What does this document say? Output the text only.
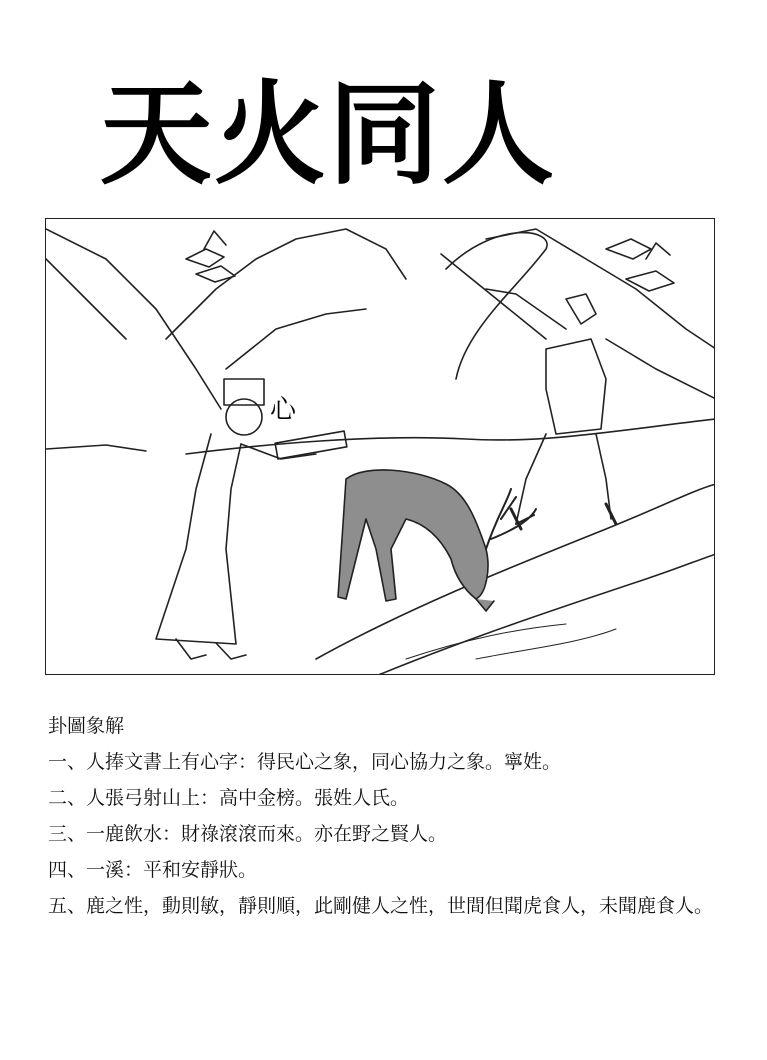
天火同人
心
卦圖象解
一、人捧文書上有心字：得民心之象，同心協力之象。寧姓。
二、人張弓射山上：高中金榜。張姓人氏。
三、一鹿飲水：財祿滾滾而來。亦在野之賢人。
四、一溪：平和安靜狀。
五、鹿之性，動則敏，靜則順，此剛健人之性，世間但聞虎食人，未聞鹿食人。
